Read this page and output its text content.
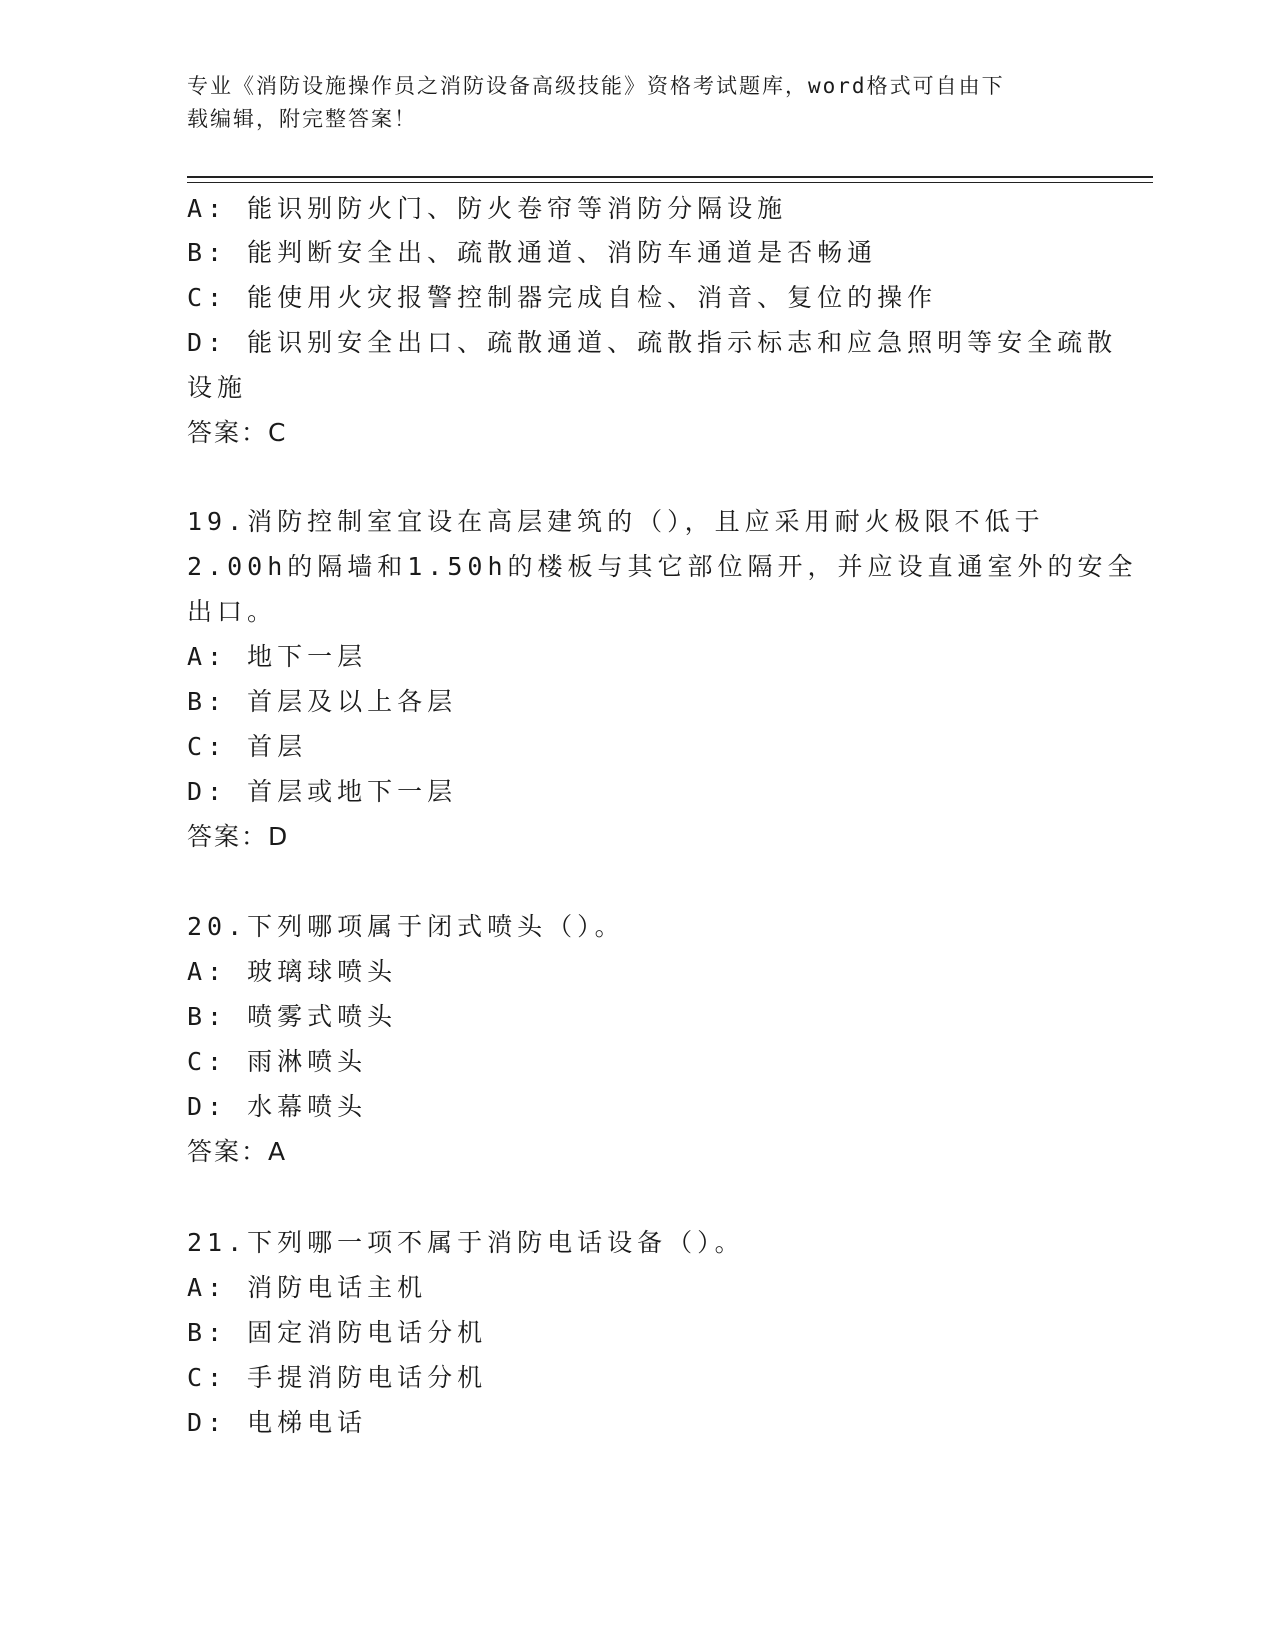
专业《消防设施操作员之消防设备高级技能》资格考试题库，word格式可自由下
载编辑，附完整答案！
A: 能识别防火门、防火卷帘等消防分隔设施
B: 能判断安全出、疏散通道、消防车通道是否畅通
C: 能使用火灾报警控制器完成自检、消音、复位的操作
D: 能识别安全出口、疏散通道、疏散指示标志和应急照明等安全疏散
设施
答案：C
19.消防控制室宜设在高层建筑的（），且应采用耐火极限不低于
2.00h的隔墙和1.50h的楼板与其它部位隔开，并应设直通室外的安全
出口。
A: 地下一层
B: 首层及以上各层
C: 首层
D: 首层或地下一层
答案：D
20.下列哪项属于闭式喷头（）。
A: 玻璃球喷头
B: 喷雾式喷头
C: 雨淋喷头
D: 水幕喷头
答案：A
21.下列哪一项不属于消防电话设备（）。
A: 消防电话主机
B: 固定消防电话分机
C: 手提消防电话分机
D: 电梯电话
